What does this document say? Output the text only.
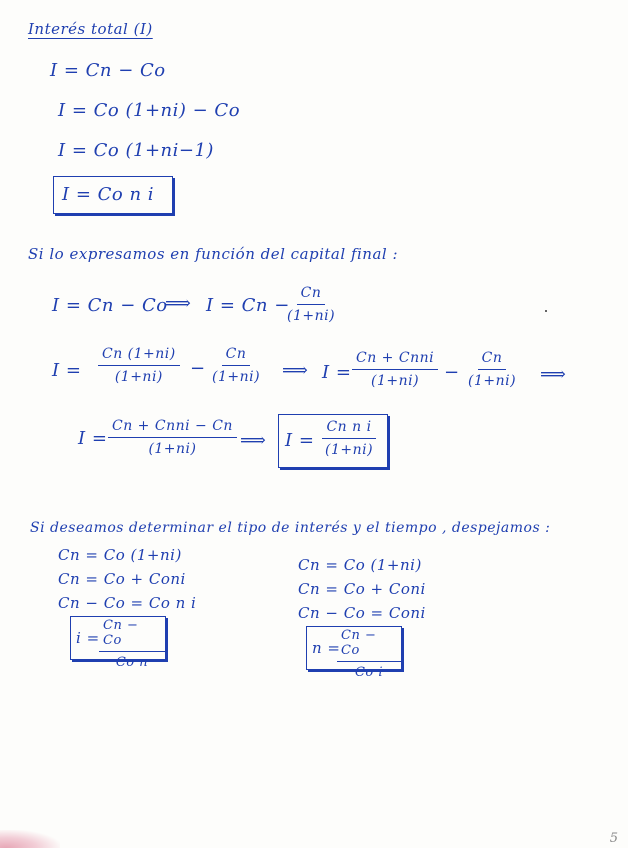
Interés total (I)
I = Cn − Co
I = Co (1+ni) − Co
I = Co (1+ni−1)
I = Co n i
Si lo expresamos en función del capital final :
I = Cn − Co
⟹ I = Cn −
$\frac{Cn}{(1+ni)}$
$I = \frac{Cn (1+ni)}{(1+ni)} - \frac{Cn}{(1+ni)}$ ⟹ I =
Cn + Cnni
$(1+ni) - \frac{Cn}{(1+ni)}$ ⟹
I =
Cn + Cnni − Cn
(1+ni) ⟹ $I = \frac{\text{Cn n i}}{(1+ni)}$
Si deseamos determinar el tipo de interés y el tiempo , despejamos :
Cn = Co (1+ni)
Cn = Co + Coni
Cn − Co = Co n i
$i = \frac{Cn - Co}{\text{Co n}}$
Cn = Co (1+ni)
Cn = Co + Coni
Cn − Co = Coni
n =
$\frac{Cn - Co}{\text{Co i}}$
5
